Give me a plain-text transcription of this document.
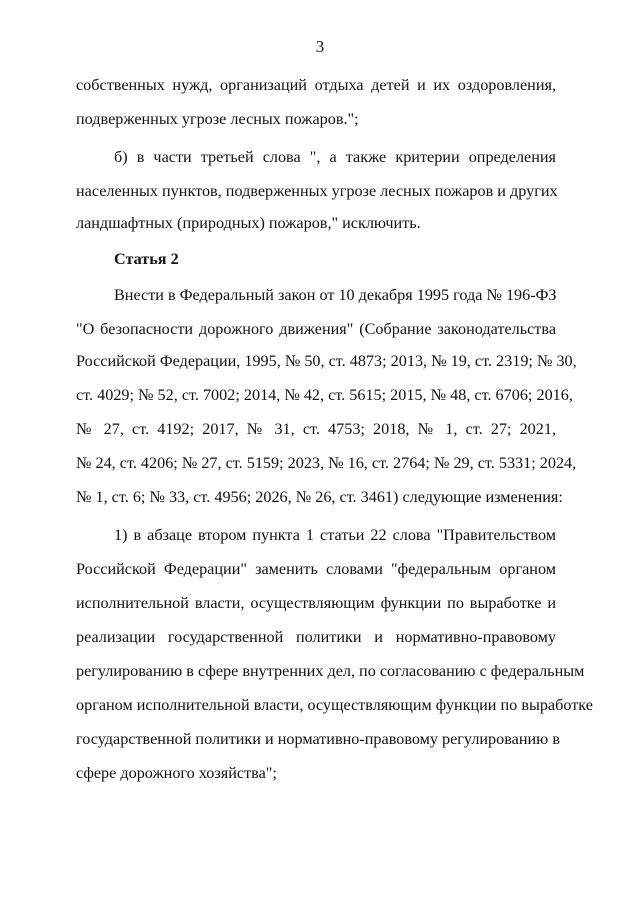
3
собственных нужд, организаций отдыха детей и их оздоровления,
подверженных угрозе лесных пожаров.";
б) в части третьей слова ", а также критерии определения
населенных пунктов, подверженных угрозе лесных пожаров и других
ландшафтных (природных) пожаров," исключить.
Статья 2
Внести в Федеральный закон от 10 декабря 1995 года № 196-ФЗ
"О безопасности дорожного движения" (Собрание законодательства
Российской Федерации, 1995, № 50, ст. 4873; 2013, № 19, ст. 2319; № 30,
ст. 4029; № 52, ст. 7002; 2014, № 42, ст. 5615; 2015, № 48, ст. 6706; 2016,
№ 27, ст. 4192; 2017, № 31, ст. 4753; 2018, № 1, ст. 27; 2021,
№ 24, ст. 4206; № 27, ст. 5159; 2023, № 16, ст. 2764; № 29, ст. 5331; 2024,
№ 1, ст. 6; № 33, ст. 4956; 2026, № 26, ст. 3461) следующие изменения:
1) в абзаце втором пункта 1 статьи 22 слова "Правительством
Российской Федерации" заменить словами "федеральным органом
исполнительной власти, осуществляющим функции по выработке и
реализации государственной политики и нормативно-правовому
регулированию в сфере внутренних дел, по согласованию с федеральным
органом исполнительной власти, осуществляющим функции по выработке
государственной политики и нормативно-правовому регулированию в
сфере дорожного хозяйства";
